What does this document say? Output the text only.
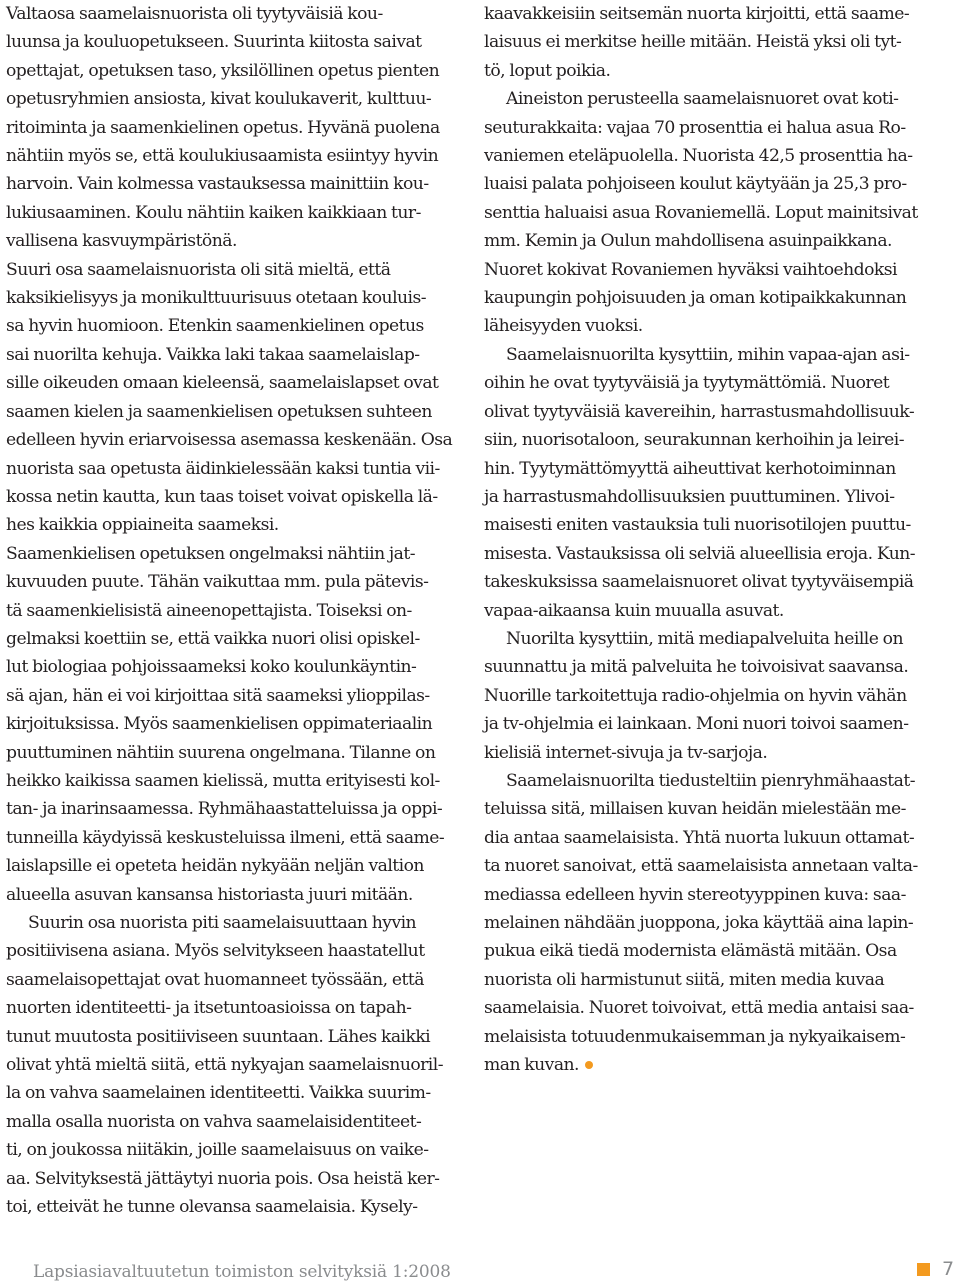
Valtaosa saamelaisnuorista oli tyytyväisiä kou-
luunsa ja kouluopetukseen. Suurinta kiitosta saivat
opettajat, opetuksen taso, yksilöllinen opetus pienten
opetusryhmien ansiosta, kivat koulukaverit, kulttuu-
ritoiminta ja saamenkielinen opetus. Hyvänä puolena
nähtiin myös se, että koulukiusaamista esiintyy hyvin
harvoin. Vain kolmessa vastauksessa mainittiin kou-
lukiusaaminen. Koulu nähtiin kaiken kaikkiaan tur-
vallisena kasvuympäristönä.

Suuri osa saamelaisnuorista oli sitä mieltä, että
kaksikielisyys ja monikulttuurisuus otetaan kouluis-
sa hyvin huomioon. Etenkin saamenkielinen opetus
sai nuorilta kehuja. Vaikka laki takaa saamelaislap-
sille oikeuden omaan kieleensä, saamelaislapset ovat
saamen kielen ja saamenkielisen opetuksen suhteen
edelleen hyvin eriarvoisessa asemassa keskenään. Osa
nuorista saa opetusta äidinkielessään kaksi tuntia vii-
kossa netin kautta, kun taas toiset voivat opiskella lä-
hes kaikkia oppiaineita saameksi.

Saamenkielisen opetuksen ongelmaksi nähtiin jat-
kuvuuden puute. Tähän vaikuttaa mm. pula pätevis-
tä saamenkielisistä aineenopettajista. Toiseksi on-
gelmaksi koettiin se, että vaikka nuori olisi opiskel-
lut biologiaa pohjoissaameksi koko koulunkäyntin-
sä ajan, hän ei voi kirjoittaa sitä saameksi ylioppilas-
kirjoituksissa. Myös saamenkielisen oppimateriaalin
puuttuminen nähtiin suurena ongelmana. Tilanne on
heikko kaikissa saamen kielissä, mutta erityisesti kol-
tan- ja inarinsaamessa. Ryhmähaastatteluissa ja oppi-
tunneilla käydyissä keskusteluissa ilmeni, että saame-
laislapsille ei opeteta heidän nykyään neljän valtion
alueella asuvan kansansa historiasta juuri mitään.

Suurin osa nuorista piti saamelaisuuttaan hyvin
positiivisena asiana. Myös selvitykseen haastatellut
saamelaisopettajat ovat huomanneet työssään, että
nuorten identiteetti- ja itsetuntoasioissa on tapah-
tunut muutosta positiiviseen suuntaan. Lähes kaikki
olivat yhtä mieltä siitä, että nykyajan saamelaisnuoril-
la on vahva saamelainen identiteetti. Vaikka suurim-
malla osalla nuorista on vahva saamelaisidentiteet-
ti, on joukossa niitäkin, joille saamelaisuus on vaike-
aa. Selvityksestä jättäytyi nuoria pois. Osa heistä ker-
toi, etteivät he tunne olevansa saamelaisia. Kysely-

kaavakkeisiin seitsemän nuorta kirjoitti, että saame-
laisuus ei merkitse heille mitään. Heistä yksi oli tyt-
tö, loput poikia.

Aineiston perusteella saamelaisnuoret ovat koti-
seuturakkaita: vajaa 70 prosenttia ei halua asua Ro-
vaniemen eteläpuolella. Nuorista 42,5 prosenttia ha-
luaisi palata pohjoiseen koulut käytyään ja 25,3 pro-
senttia haluaisi asua Rovaniemellä. Loput mainitsivat
mm. Kemin ja Oulun mahdollisena asuinpaikkana.
Nuoret kokivat Rovaniemen hyväksi vaihtoehdoksi
kaupungin pohjoisuuden ja oman kotipaikkakunnan
läheisyyden vuoksi.

Saamelaisnuorilta kysyttiin, mihin vapaa-ajan asi-
oihin he ovat tyytyväisiä ja tyytymättömiä. Nuoret
olivat tyytyväisiä kavereihin, harrastusmahdollisuuk-
siin, nuorisotaloon, seurakunnan kerhoihin ja leirei-
hin. Tyytymättömyyttä aiheuttivat kerhotoiminnan
ja harrastusmahdollisuuksien puuttuminen. Ylivoi-
maisesti eniten vastauksia tuli nuorisotilojen puuttu-
misesta. Vastauksissa oli selviä alueellisia eroja. Kun-
takeskuksissa saamelaisnuoret olivat tyytyväisempiä
vapaa-aikaansa kuin muualla asuvat.

Nuorilta kysyttiin, mitä mediapalveluita heille on
suunnattu ja mitä palveluita he toivoisivat saavansa.
Nuorille tarkoitettuja radio-ohjelmia on hyvin vähän
ja tv-ohjelmia ei lainkaan. Moni nuori toivoi saamen-
kielisiä internet-sivuja ja tv-sarjoja.

Saamelaisnuorilta tiedusteltiin pienryhmähaastat-
teluissa sitä, millaisen kuvan heidän mielestään me-
dia antaa saamelaisista. Yhtä nuorta lukuun ottamat-
ta nuoret sanoivat, että saamelaisista annetaan valta-
mediassa edelleen hyvin stereotyyppinen kuva: saa-
melainen nähdään juoppona, joka käyttää aina lapin-
pukua eikä tiedä modernista elämästä mitään. Osa
nuorista oli harmistunut siitä, miten media kuvaa
saamelaisia. Nuoret toivoivat, että media antaisi saa-
melaisista totuudenmukaisemman ja nykyaikaisem-
man kuvan.

Lapsiasiavaltuutetun toimiston selvityksiä 1:2008	7
